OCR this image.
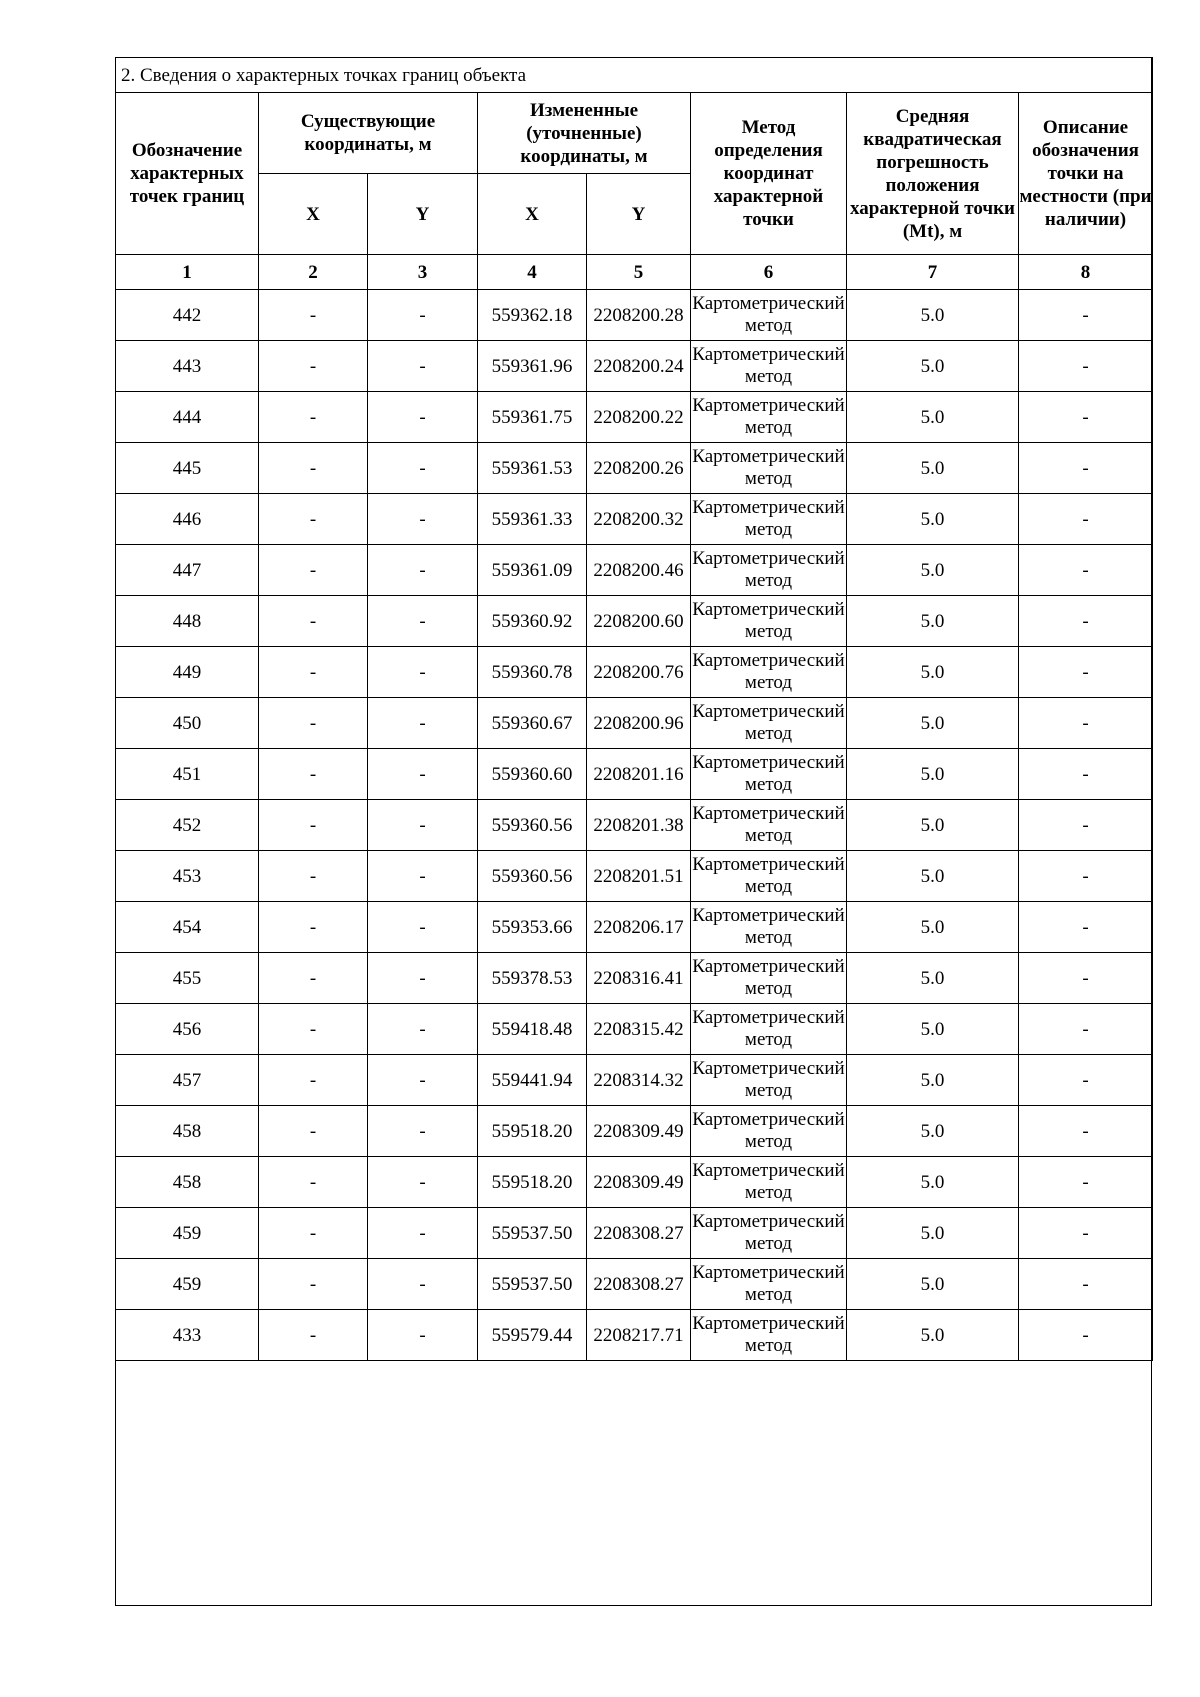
2. Сведения о характерных точках границ объекта							
Обозначение характерных точек границ	Существующие координаты, м		Измененные (уточненные) координаты, м		Метод определения координат характерной точки	Средняя квадратическая погрешность положения характерной точки (Mt), м	Описание обозначения точки на местности (при наличии)
	X	Y	X	Y			
1	2	3	4	5	6	7	8
442	-	-	559362.18	2208200.28	Картометрический метод	5.0	-
443	-	-	559361.96	2208200.24	Картометрический метод	5.0	-
444	-	-	559361.75	2208200.22	Картометрический метод	5.0	-
445	-	-	559361.53	2208200.26	Картометрический метод	5.0	-
446	-	-	559361.33	2208200.32	Картометрический метод	5.0	-
447	-	-	559361.09	2208200.46	Картометрический метод	5.0	-
448	-	-	559360.92	2208200.60	Картометрический метод	5.0	-
449	-	-	559360.78	2208200.76	Картометрический метод	5.0	-
450	-	-	559360.67	2208200.96	Картометрический метод	5.0	-
451	-	-	559360.60	2208201.16	Картометрический метод	5.0	-
452	-	-	559360.56	2208201.38	Картометрический метод	5.0	-
453	-	-	559360.56	2208201.51	Картометрический метод	5.0	-
454	-	-	559353.66	2208206.17	Картометрический метод	5.0	-
455	-	-	559378.53	2208316.41	Картометрический метод	5.0	-
456	-	-	559418.48	2208315.42	Картометрический метод	5.0	-
457	-	-	559441.94	2208314.32	Картометрический метод	5.0	-
458	-	-	559518.20	2208309.49	Картометрический метод	5.0	-
458	-	-	559518.20	2208309.49	Картометрический метод	5.0	-
459	-	-	559537.50	2208308.27	Картометрический метод	5.0	-
459	-	-	559537.50	2208308.27	Картометрический метод	5.0	-
433	-	-	559579.44	2208217.71	Картометрический метод	5.0	-
